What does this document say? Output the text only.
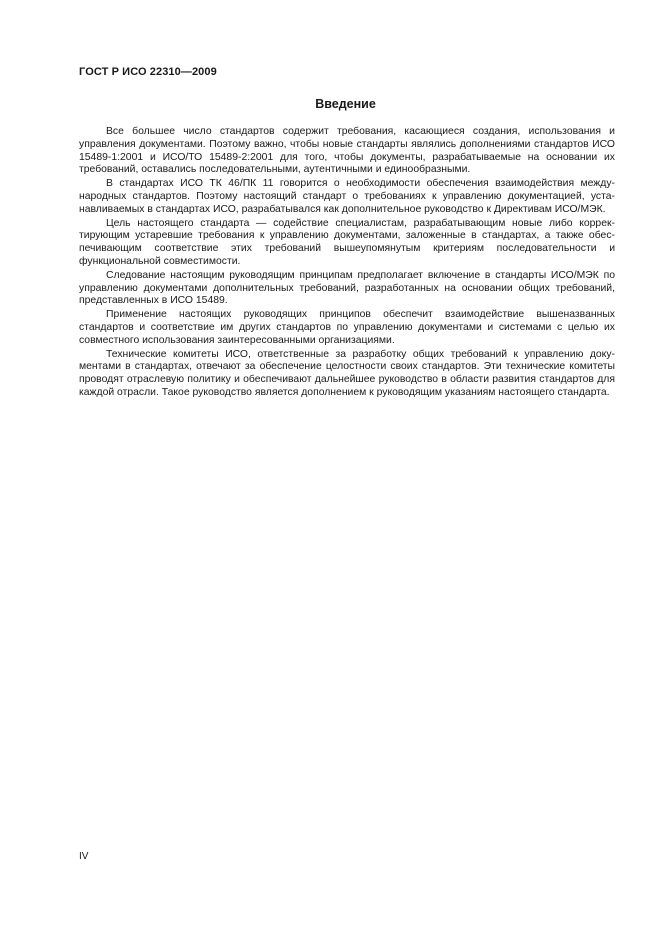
ГОСТ Р ИСО 22310—2009
Введение

Все большее число стандартов содержит требования, касающиеся создания, использования и управления документами. Поэтому важно, чтобы новые стандарты являлись дополнениями стандартов ИСО 15489-1:2001 и ИСО/ТО 15489-2:2001 для того, чтобы документы, разрабатываемые на основании их требований, оставались последовательными, аутентичными и единообразными.

В стандартах ИСО ТК 46/ПК 11 говорится о необходимости обеспечения взаимодействия международных стандартов. Поэтому настоящий стандарт о требованиях к управлению документацией, устанавливаемых в стандартах ИСО, разрабатывался как дополнительное руководство к Директивам ИСО/МЭК.

Цель настоящего стандарта — содействие специалистам, разрабатывающим новые либо корректирующим устаревшие требования к управлению документами, заложенные в стандартах, а также обеспечивающим соответствие этих требований вышеупомянутым критериям последовательности и функциональной совместимости.

Следование настоящим руководящим принципам предполагает включение в стандарты ИСО/МЭК по управлению документами дополнительных требований, разработанных на основании общих требований, представленных в ИСО 15489.

Применение настоящих руководящих принципов обеспечит взаимодействие вышеназванных стандартов и соответствие им других стандартов по управлению документами и системами с целью их совместного использования заинтересованными организациями.

Технические комитеты ИСО, ответственные за разработку общих требований к управлению документами в стандартах, отвечают за обеспечение целостности своих стандартов. Эти технические комитеты проводят отраслевую политику и обеспечивают дальнейшее руководство в области развития стандартов для каждой отрасли. Такое руководство является дополнением к руководящим указаниям настоящего стандарта.

IV
